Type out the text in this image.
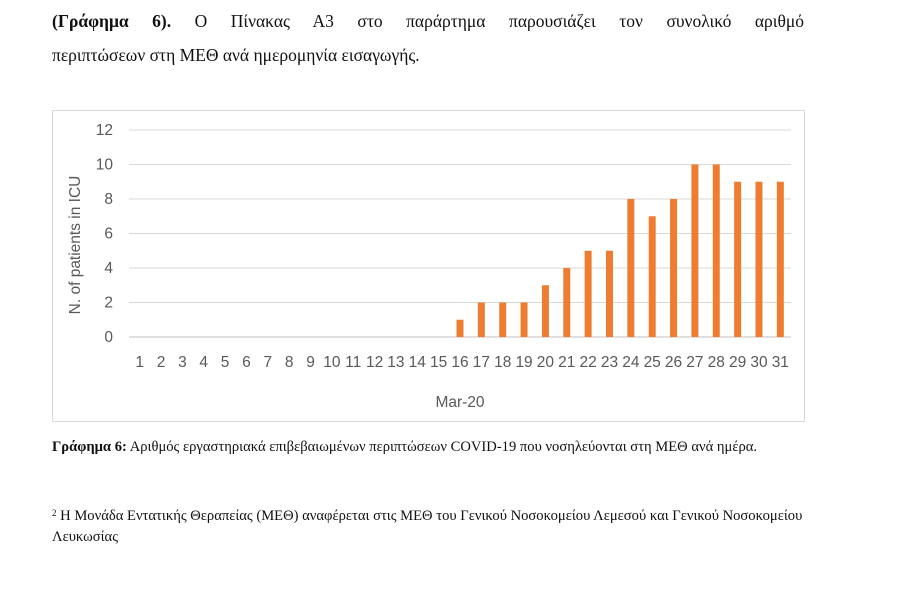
(Γράφημα 6). Ο Πίνακας Α3 στο παράρτημα παρουσιάζει τον συνολικό αριθμό
περιπτώσεων στη ΜΕΘ ανά ημερομηνία εισαγωγής.
0
2
4
6
8
10
12
1 2 3 4 5 6 7 8 9 10 11 12 13 14 15 16 17 18 19 20 21 22 23 24 25 26 27 28 29 30 31
N. of patients in ICU
Mar-20
Γράφημα 6: Αριθμός εργαστηριακά επιβεβαιωμένων περιπτώσεων COVID-19 που νοσηλεύονται στη ΜΕΘ ανά ημέρα.
$^2$ Η Μονάδα Εντατικής Θεραπείας (ΜΕΘ) αναφέρεται στις ΜΕΘ του Γενικού Νοσοκομείου Λεμεσού και Γενικού Νοσοκομείου Λευκωσίας
